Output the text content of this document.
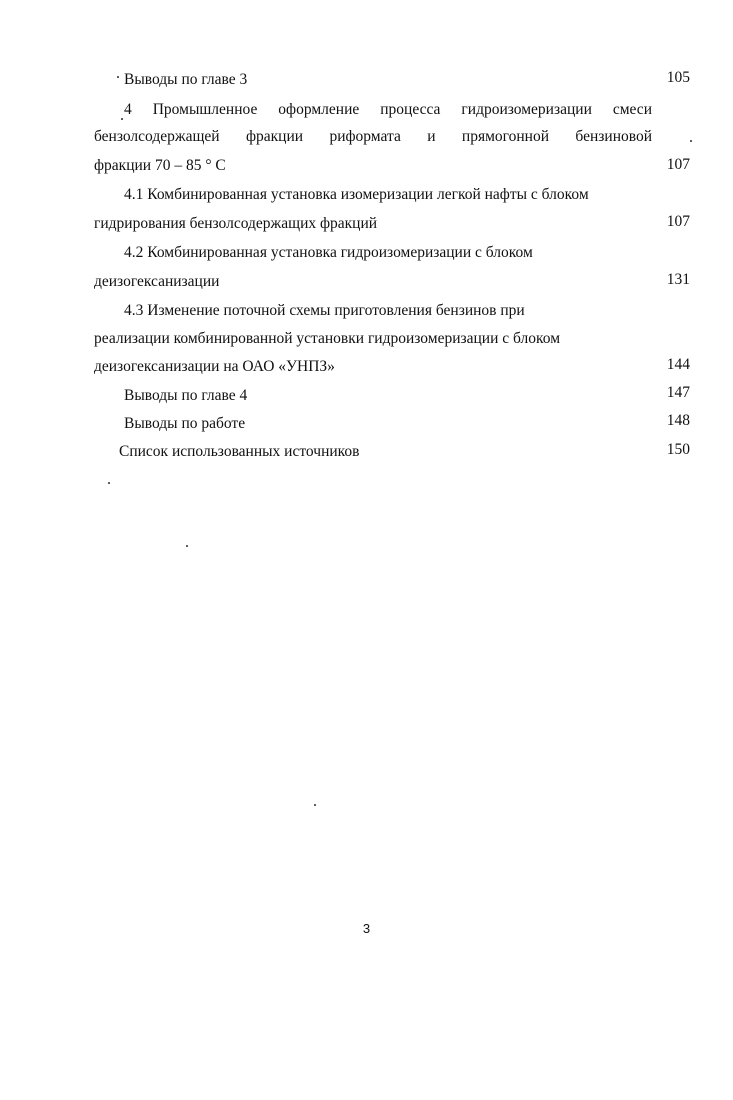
Выводы по главе 3	105
4 Промышленное оформление процесса гидроизомеризации смеси
бензолсодержащей фракции риформата и прямогонной бензиновой
фракции 70 – 85 ° С	107
4.1 Комбинированная установка изомеризации легкой нафты с блоком
гидрирования бензолсодержащих фракций	107
4.2 Комбинированная установка гидроизомеризации с блоком
деизогексанизации	131
4.3 Изменение поточной схемы приготовления бензинов при
реализации комбинированной установки гидроизомеризации с блоком
деизогексанизации на ОАО «УНПЗ»	144
Выводы по главе 4	147
Выводы по работе	148
Список использованных источников	150
3
